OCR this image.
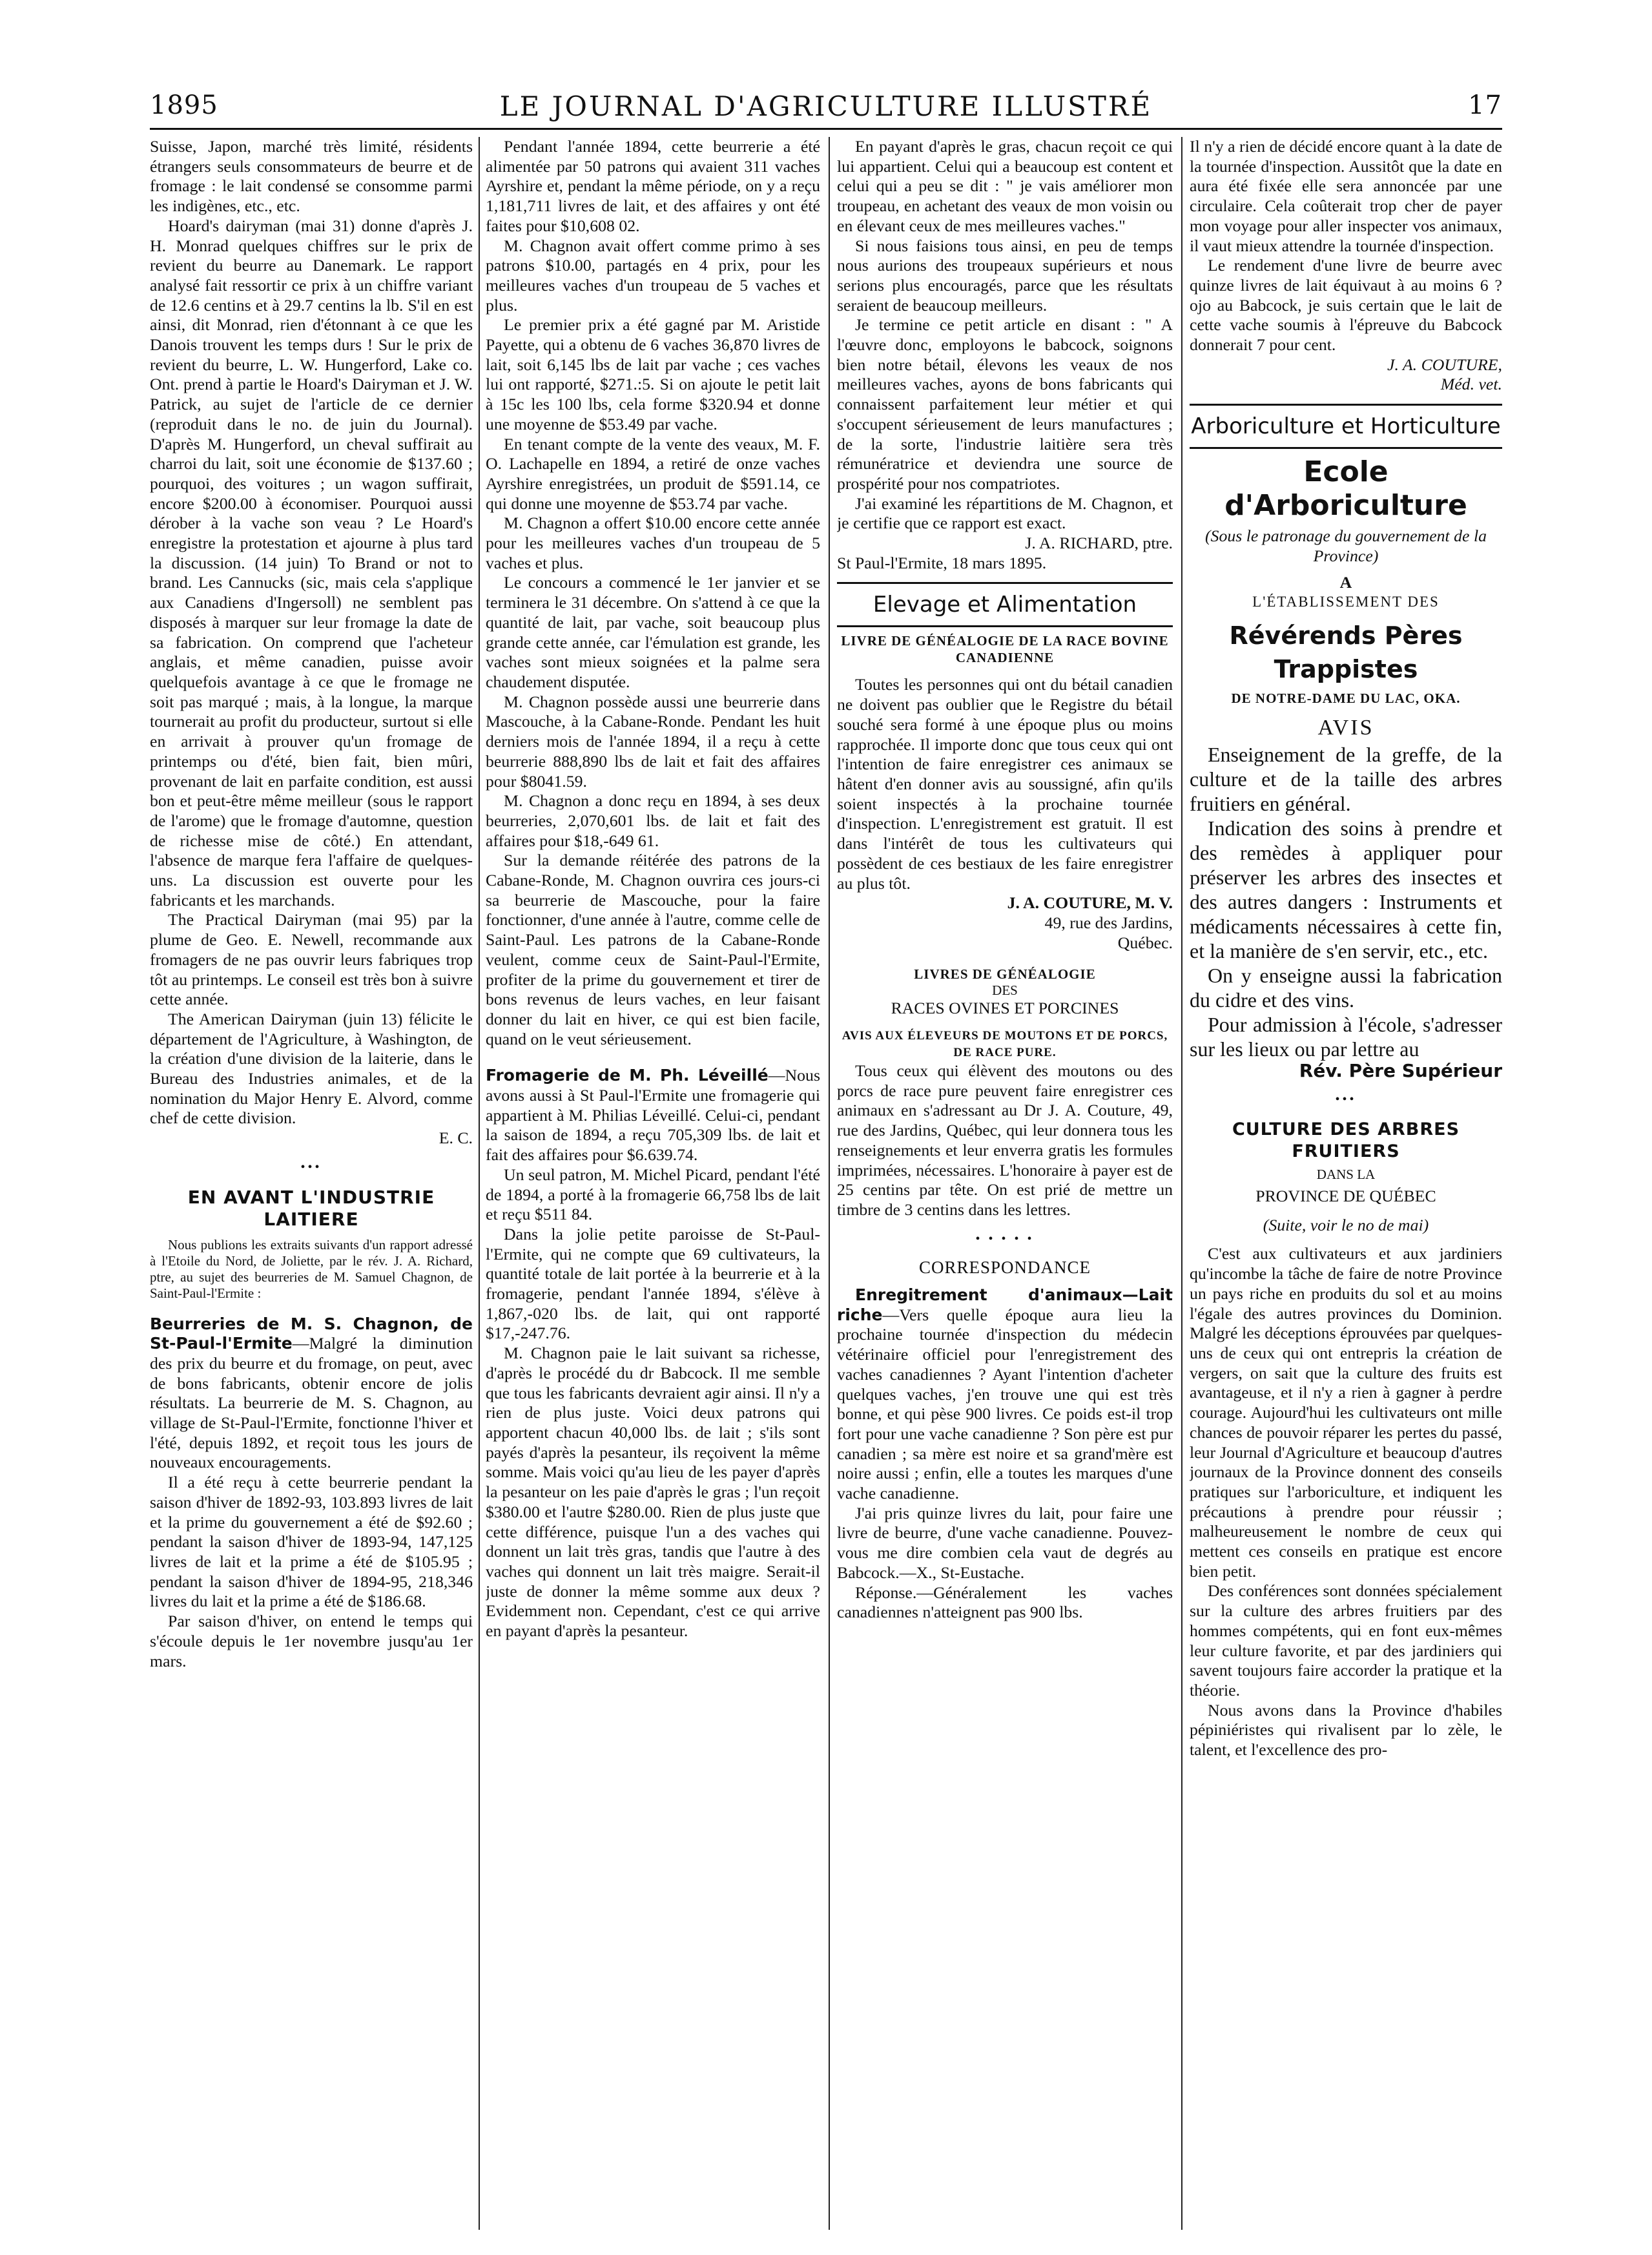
1895	LE JOURNAL D'AGRICULTURE ILLUSTRÉ	17

Suisse, Japon, marché très limité, résidents étrangers seuls consommateurs de beurre et de fromage : le lait condensé se consomme parmi les indigènes, etc., etc.

Hoard's dairyman (mai 31) donne d'après J. H. Monrad quelques chiffres sur le prix de revient du beurre au Danemark. Le rapport analysé fait ressortir ce prix à un chiffre variant de 12.6 centins et à 29.7 centins la lb. S'il en est ainsi, dit Monrad, rien d'étonnant à ce que les Danois trouvent les temps durs ! Sur le prix de revient du beurre, L. W. Hungerford, Lake co. Ont. prend à partie le Hoard's Dairyman et J. W. Patrick, au sujet de l'article de ce dernier (reproduit dans le no. de juin du Journal). D'après M. Hungerford, un cheval suffirait au charroi du lait, soit une économie de $137.60 ; pourquoi, des voitures ; un wagon suffirait, encore $200.00 à économiser. Pourquoi aussi dérober à la vache son veau ? Le Hoard's enregistre la protestation et ajourne à plus tard la discussion. (14 juin) To Brand or not to brand. Les Cannucks (sic, mais cela s'applique aux Canadiens d'Ingersoll) ne semblent pas disposés à marquer sur leur fromage la date de sa fabrication. On comprend que l'acheteur anglais, et même canadien, puisse avoir quelquefois avantage à ce que le fromage ne soit pas marqué ; mais, à la longue, la marque tournerait au profit du producteur, surtout si elle en arrivait à prouver qu'un fromage de printemps ou d'été, bien fait, bien mûri, provenant de lait en parfaite condition, est aussi bon et peut-être même meilleur (sous le rapport de l'arome) que le fromage d'automne, question de richesse mise de côté.) En attendant, l'absence de marque fera l'affaire de quelques-uns. La discussion est ouverte pour les fabricants et les marchands.

The Practical Dairyman (mai 95) par la plume de Geo. E. Newell, recommande aux fromagers de ne pas ouvrir leurs fabriques trop tôt au printemps. Le conseil est très bon à suivre cette année.

The American Dairyman (juin 13) félicite le département de l'Agriculture, à Washington, de la création d'une division de la laiterie, dans le Bureau des Industries animales, et de la nomination du Major Henry E. Alvord, comme chef de cette division.

E. C.

•••
EN AVANT L'INDUSTRIE LAITIERE

Nous publions les extraits suivants d'un rapport adressé à l'Etoile du Nord, de Joliette, par le rév. J. A. Richard, ptre, au sujet des beurreries de M. Samuel Chagnon, de Saint-Paul-l'Ermite :

Beurreries de M. S. Chagnon, de St-Paul-l'Ermite—Malgré la diminution des prix du beurre et du fromage, on peut, avec de bons fabricants, obtenir encore de jolis résultats. La beurrerie de M. S. Chagnon, au village de St-Paul-l'Ermite, fonctionne l'hiver et l'été, depuis 1892, et reçoit tous les jours de nouveaux encouragements.

Il a été reçu à cette beurrerie pendant la saison d'hiver de 1892-93, 103.893 livres de lait et la prime du gouvernement a été de $92.60 ; pendant la saison d'hiver de 1893-94, 147,125 livres de lait et la prime a été de $105.95 ; pendant la saison d'hiver de 1894-95, 218,346 livres du lait et la prime a été de $186.68.

Par saison d'hiver, on entend le temps qui s'écoule depuis le 1er novembre jusqu'au 1er mars.

Pendant l'année 1894, cette beurrerie a été alimentée par 50 patrons qui avaient 311 vaches Ayrshire et, pendant la même période, on y a reçu 1,181,711 livres de lait, et des affaires y ont été faites pour $10,608 02.

M. Chagnon avait offert comme primo à ses patrons $10.00, partagés en 4 prix, pour les meilleures vaches d'un troupeau de 5 vaches et plus.

Le premier prix a été gagné par M. Aristide Payette, qui a obtenu de 6 vaches 36,870 livres de lait, soit 6,145 lbs de lait par vache ; ces vaches lui ont rapporté, $271.:5. Si on ajoute le petit lait à 15c les 100 lbs, cela forme $320.94 et donne une moyenne de $53.49 par vache.

En tenant compte de la vente des veaux, M. F. O. Lachapelle en 1894, a retiré de onze vaches Ayrshire enregistrées, un produit de $591.14, ce qui donne une moyenne de $53.74 par vache.

M. Chagnon a offert $10.00 encore cette année pour les meilleures vaches d'un troupeau de 5 vaches et plus.

Le concours a commencé le 1er janvier et se terminera le 31 décembre. On s'attend à ce que la quantité de lait, par vache, soit beaucoup plus grande cette année, car l'émulation est grande, les vaches sont mieux soignées et la palme sera chaudement disputée.

M. Chagnon possède aussi une beurrerie dans Mascouche, à la Cabane-Ronde. Pendant les huit derniers mois de l'année 1894, il a reçu à cette beurrerie 888,890 lbs de lait et fait des affaires pour $8041.59.

M. Chagnon a donc reçu en 1894, à ses deux beurreries, 2,070,601 lbs. de lait et fait des affaires pour $18,-649 61.

Sur la demande réitérée des patrons de la Cabane-Ronde, M. Chagnon ouvrira ces jours-ci sa beurrerie de Mascouche, pour la faire fonctionner, d'une année à l'autre, comme celle de Saint-Paul. Les patrons de la Cabane-Ronde veulent, comme ceux de Saint-Paul-l'Ermite, profiter de la prime du gouvernement et tirer de bons revenus de leurs vaches, en leur faisant donner du lait en hiver, ce qui est bien facile, quand on le veut sérieusement.

Fromagerie de M. Ph. Léveillé—Nous avons aussi à St Paul-l'Ermite une fromagerie qui appartient à M. Philias Léveillé. Celui-ci, pendant la saison de 1894, a reçu 705,309 lbs. de lait et fait des affaires pour $6.639.74.

Un seul patron, M. Michel Picard, pendant l'été de 1894, a porté à la fromagerie 66,758 lbs de lait et reçu $511 84.

Dans la jolie petite paroisse de St-Paul-l'Ermite, qui ne compte que 69 cultivateurs, la quantité totale de lait portée à la beurrerie et à la fromagerie, pendant l'année 1894, s'élève à 1,867,-020 lbs. de lait, qui ont rapporté $17,-247.76.

M. Chagnon paie le lait suivant sa richesse, d'après le procédé du dr Babcock. Il me semble que tous les fabricants devraient agir ainsi. Il n'y a rien de plus juste. Voici deux patrons qui apportent chacun 40,000 lbs. de lait ; s'ils sont payés d'après la pesanteur, ils reçoivent la même somme. Mais voici qu'au lieu de les payer d'après la pesanteur on les paie d'après le gras ; l'un reçoit $380.00 et l'autre $280.00. Rien de plus juste que cette différence, puisque l'un a des vaches qui donnent un lait très gras, tandis que l'autre à des vaches qui donnent un lait très maigre. Serait-il juste de donner la même somme aux deux ? Evidemment non. Cependant, c'est ce qui arrive en payant d'après la pesanteur.

En payant d'après le gras, chacun reçoit ce qui lui appartient. Celui qui a beaucoup est content et celui qui a peu se dit : " je vais améliorer mon troupeau, en achetant des veaux de mon voisin ou en élevant ceux de mes meilleures vaches."

Si nous faisions tous ainsi, en peu de temps nous aurions des troupeaux supérieurs et nous serions plus encouragés, parce que les résultats seraient de beaucoup meilleurs.

Je termine ce petit article en disant : " A l'œuvre donc, employons le babcock, soignons bien notre bétail, élevons les veaux de nos meilleures vaches, ayons de bons fabricants qui connaissent parfaitement leur métier et qui s'occupent sérieusement de leurs manufactures ; de la sorte, l'industrie laitière sera très rémunératrice et deviendra une source de prospérité pour nos compatriotes.

J'ai examiné les répartitions de M. Chagnon, et je certifie que ce rapport est exact.

J. A. RICHARD, ptre.

St Paul-l'Ermite, 18 mars 1895.

Elevage et Alimentation
LIVRE DE GÉNÉALOGIE DE LA RACE BOVINE CANADIENNE

Toutes les personnes qui ont du bétail canadien ne doivent pas oublier que le Registre du bétail souché sera formé à une époque plus ou moins rapprochée. Il importe donc que tous ceux qui ont l'intention de faire enregistrer ces animaux se hâtent d'en donner avis au soussigné, afin qu'ils soient inspectés à la prochaine tournée d'inspection. L'enregistrement est gratuit. Il est dans l'intérêt de tous les cultivateurs qui possèdent de ces bestiaux de les faire enregistrer au plus tôt.

J. A. COUTURE, M. V.

49, rue des Jardins,

Québec.

LIVRES DE GÉNÉALOGIE
DES
RACES OVINES ET PORCINES
AVIS AUX ÉLEVEURS DE MOUTONS ET DE PORCS, DE RACE PURE.

Tous ceux qui élèvent des moutons ou des porcs de race pure peuvent faire enregistrer ces animaux en s'adressant au Dr J. A. Couture, 49, rue des Jardins, Québec, qui leur donnera tous les renseignements et leur enverra gratis les formules imprimées, nécessaires. L'honoraire à payer est de 25 centins par tête. On est prié de mettre un timbre de 3 centins dans les lettres.

• • • • •
CORRESPONDANCE

Enregitrement d'animaux—Lait riche—Vers quelle époque aura lieu la prochaine tournée d'inspection du médecin vétérinaire officiel pour l'enregistrement des vaches canadiennes ? Ayant l'intention d'acheter quelques vaches, j'en trouve une qui est très bonne, et qui pèse 900 livres. Ce poids est-il trop fort pour une vache canadienne ? Son père est pur canadien ; sa mère est noire et sa grand'mère est noire aussi ; enfin, elle a toutes les marques d'une vache canadienne.

J'ai pris quinze livres du lait, pour faire une livre de beurre, d'une vache canadienne. Pouvez-vous me dire combien cela vaut de degrés au Babcock.—X., St-Eustache.

Réponse.—Généralement les vaches canadiennes n'atteignent pas 900 lbs.

Il n'y a rien de décidé encore quant à la date de la tournée d'inspection. Aussitôt que la date en aura été fixée elle sera annoncée par une circulaire. Cela coûterait trop cher de payer mon voyage pour aller inspecter vos animaux, il vaut mieux attendre la tournée d'inspection.

Le rendement d'une livre de beurre avec quinze livres de lait équivaut à au moins 6 ? ojo au Babcock, je suis certain que le lait de cette vache soumis à l'épreuve du Babcock donnerait 7 pour cent.

J. A. COUTURE,

Méd. vet.

Arboriculture et Horticulture
Ecole d'Arboriculture
(Sous le patronage du gouvernement de la Province)
A
L'ÉTABLISSEMENT DES
Révérends Pères Trappistes
DE NOTRE-DAME DU LAC, OKA.
AVIS

Enseignement de la greffe, de la culture et de la taille des arbres fruitiers en général.

Indication des soins à prendre et des remèdes à appliquer pour préserver les arbres des insectes et des autres dangers : Instruments et médicaments nécessaires à cette fin, et la manière de s'en servir, etc., etc.

On y enseigne aussi la fabrication du cidre et des vins.

Pour admission à l'école, s'adresser sur les lieux ou par lettre au

Rév. Père Supérieur

•••
CULTURE DES ARBRES FRUITIERS
DANS LA
PROVINCE DE QUÉBEC
(Suite, voir le no de mai)

C'est aux cultivateurs et aux jardiniers qu'incombe la tâche de faire de notre Province un pays riche en produits du sol et au moins l'égale des autres provinces du Dominion. Malgré les déceptions éprouvées par quelques-uns de ceux qui ont entrepris la création de vergers, on sait que la culture des fruits est avantageuse, et il n'y a rien à gagner à perdre courage. Aujourd'hui les cultivateurs ont mille chances de pouvoir réparer les pertes du passé, leur Journal d'Agriculture et beaucoup d'autres journaux de la Province donnent des conseils pratiques sur l'arboriculture, et indiquent les précautions à prendre pour réussir ; malheureusement le nombre de ceux qui mettent ces conseils en pratique est encore bien petit.

Des conférences sont données spécialement sur la culture des arbres fruitiers par des hommes compétents, qui en font eux-mêmes leur culture favorite, et par des jardiniers qui savent toujours faire accorder la pratique et la théorie.

Nous avons dans la Province d'habiles pépiniéristes qui rivalisent par lo zèle, le talent, et l'excellence des pro-
